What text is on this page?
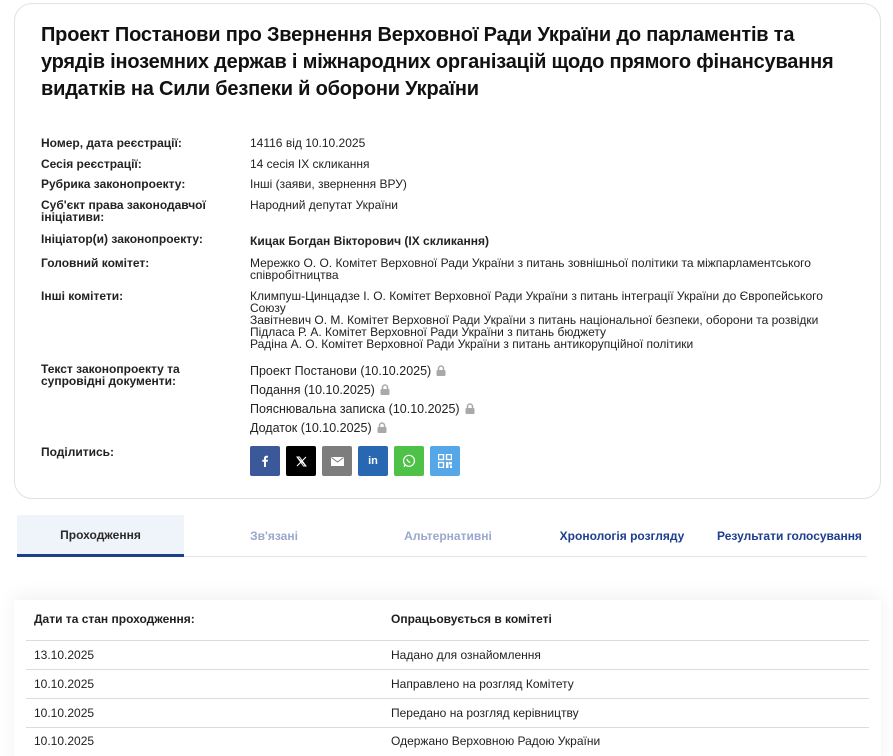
Проект Постанови про Звернення Верховної Ради України до парламентів та урядів іноземних держав і міжнародних організацій щодо прямого фінансування видатків на Сили безпеки й оборони України
Номер, дата реєстрації:	14116 від 10.10.2025
Сесія реєстрації:	14 сесія IX скликання
Рубрика законопроекту:	Інші (заяви, звернення ВРУ)
Суб'єкт права законодавчої ініціативи:
Народний депутат України
Ініціатор(и) законопроекту:	Кицак Богдан Вікторович (IX скликання)
Головний комітет:	Мережко О. О. Комітет Верховної Ради України з питань зовнішньої політики та міжпарламентського
співробітництва
Інші комітети:	Климпуш-Цинцадзе І. О. Комітет Верховної Ради України з питань інтеграції України до Європейського
Союзу
Завітневич О. М. Комітет Верховної Ради України з питань національної безпеки, оборони та розвідки
Підласа Р. А. Комітет Верховної Ради України з питань бюджету
Радіна А. О. Комітет Верховної Ради України з питань антикорупційної політики
Текст законопроекту та супровідні документи:
Проект Постанови (10.10.2025)
Подання (10.10.2025)
Пояснювальна записка (10.10.2025)
Додаток (10.10.2025)
Поділитись:
in
Проходження	Зв'язані	Альтернативні	Хронологія розгляду	Результати голосування
Дати та стан проходження:	Опрацьовується в комітеті
13.10.2025	Надано для ознайомлення
10.10.2025	Направлено на розгляд Комітету
10.10.2025	Передано на розгляд керівництву
10.10.2025	Одержано Верховною Радою України
